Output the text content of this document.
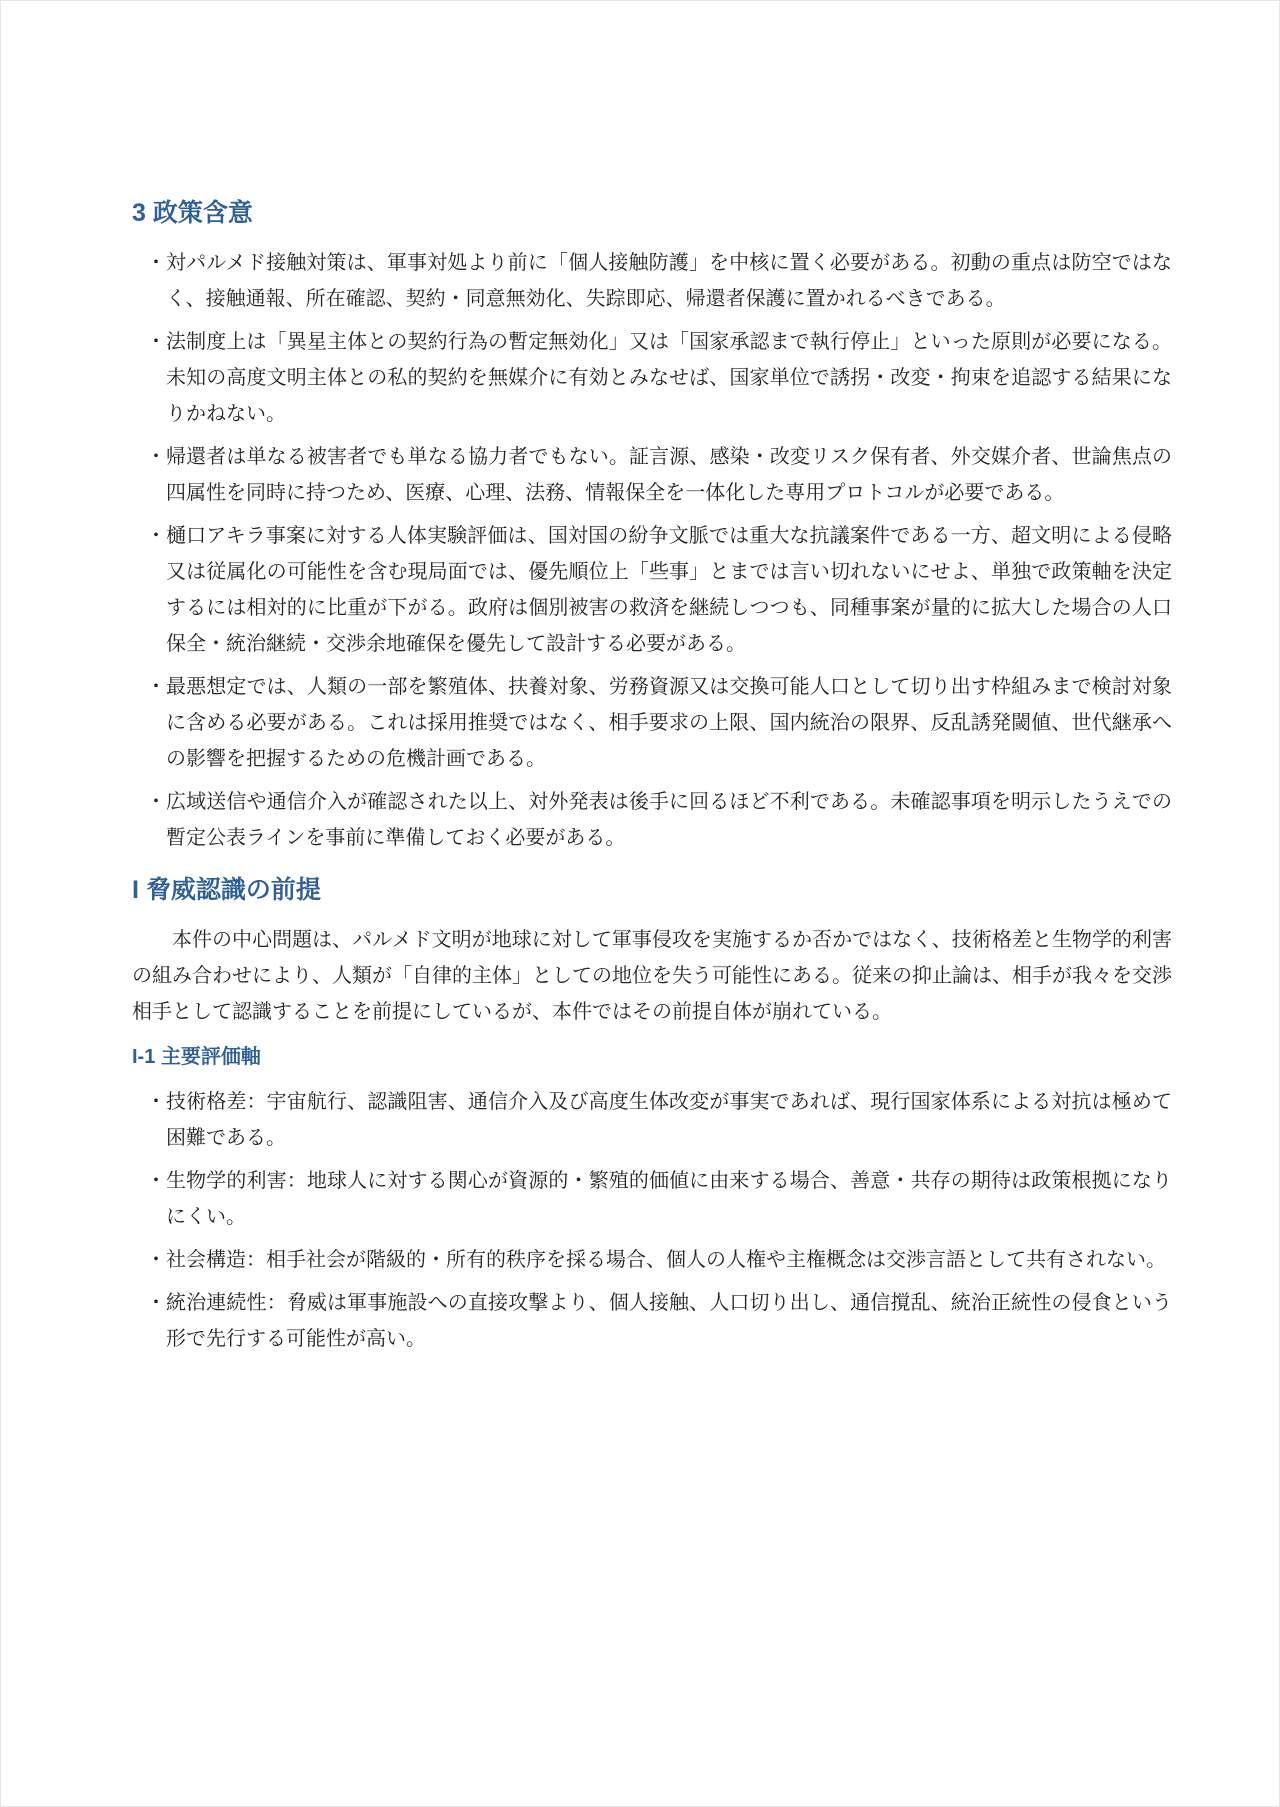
3 政策含意
・ 対パルメド接触対策は、軍事対処より前に「個人接触防護」を中核に置く必要がある。初動の重点は防空ではなく、接触通報、所在確認、契約・同意無効化、失踪即応、帰還者保護に置かれるべきである。
・ 法制度上は「異星主体との契約行為の暫定無効化」又は「国家承認まで執行停止」といった原則が必要になる。未知の高度文明主体との私的契約を無媒介に有効とみなせば、国家単位で誘拐・改変・拘束を追認する結果になりかねない。
・ 帰還者は単なる被害者でも単なる協力者でもない。証言源、感染・改変リスク保有者、外交媒介者、世論焦点の四属性を同時に持つため、医療、心理、法務、情報保全を一体化した専用プロトコルが必要である。
・ 樋口アキラ事案に対する人体実験評価は、国対国の紛争文脈では重大な抗議案件である一方、超文明による侵略又は従属化の可能性を含む現局面では、優先順位上「些事」とまでは言い切れないにせよ、単独で政策軸を決定するには相対的に比重が下がる。政府は個別被害の救済を継続しつつも、同種事案が量的に拡大した場合の人口保全・統治継続・交渉余地確保を優先して設計する必要がある。
・ 最悪想定では、人類の一部を繁殖体、扶養対象、労務資源又は交換可能人口として切り出す枠組みまで検討対象に含める必要がある。これは採用推奨ではなく、相手要求の上限、国内統治の限界、反乱誘発閾値、世代継承への影響を把握するための危機計画である。
・ 広域送信や通信介入が確認された以上、対外発表は後手に回るほど不利である。未確認事項を明示したうえでの暫定公表ラインを事前に準備しておく必要がある。
I 脅威認識の前提

本件の中心問題は、パルメド文明が地球に対して軍事侵攻を実施するか否かではなく、技術格差と生物学的利害の組み合わせにより、人類が「自律的主体」としての地位を失う可能性にある。従来の抑止論は、相手が我々を交渉相手として認識することを前提にしているが、本件ではその前提自体が崩れている。

I-1 主要評価軸
・ 技術格差：宇宙航行、認識阻害、通信介入及び高度生体改変が事実であれば、現行国家体系による対抗は極めて困難である。
・ 生物学的利害：地球人に対する関心が資源的・繁殖的価値に由来する場合、善意・共存の期待は政策根拠になりにくい。
・ 社会構造：相手社会が階級的・所有的秩序を採る場合、個人の人権や主権概念は交渉言語として共有されない。
・ 統治連続性：脅威は軍事施設への直接攻撃より、個人接触、人口切り出し、通信撹乱、統治正統性の侵食という形で先行する可能性が高い。
